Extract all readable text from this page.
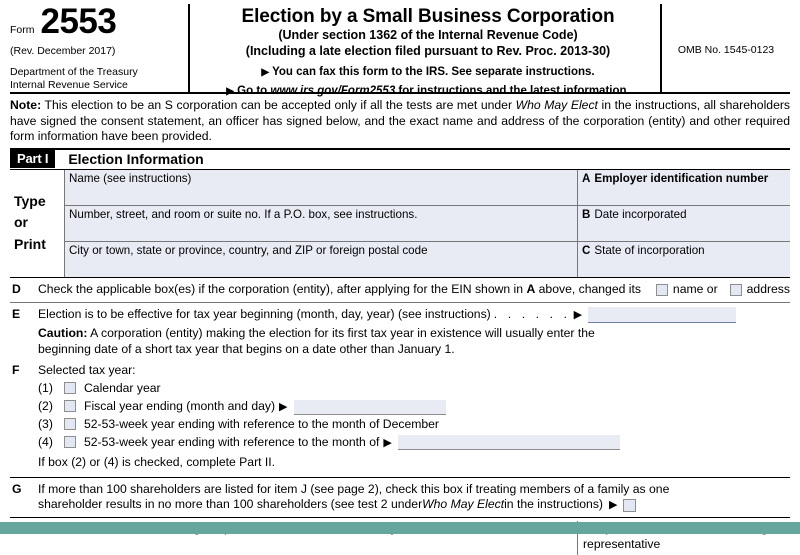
Form 2553
(Rev. December 2017)
Department of the Treasury
Internal Revenue Service
Election by a Small Business Corporation
(Under section 1362 of the Internal Revenue Code)
(Including a late election filed pursuant to Rev. Proc. 2013-30)
▶ You can fax this form to the IRS. See separate instructions.
▶ Go to www.irs.gov/Form2553 for instructions and the latest information.
OMB No. 1545-0123
Note: This election to be an S corporation can be accepted only if all the tests are met under Who May Elect in the instructions, all shareholders have signed the consent statement, an officer has signed below, and the exact name and address of the corporation (entity) and other required form information have been provided.
Part I	Election Information
Type
or
Print
Name (see instructions)	A Employer identification number
Number, street, and room or suite no. If a P.O. box, see instructions.	B Date incorporated
City or town, state or province, country, and ZIP or foreign postal code	C State of incorporation
D	Check the applicable box(es) if the corporation (entity), after applying for the EIN shown in A above, changed its	name or address
E	Election is to be effective for tax year beginning (month, day, year) (see instructions) . . . . . . ▶
Caution: A corporation (entity) making the election for its first tax year in existence will usually enter the
beginning date of a short tax year that begins on a date other than January 1.
F	Selected tax year:
(1)	Calendar year
(2)	Fiscal year ending (month and day) ▶
(3)	52-53-week year ending with reference to the month of December
(4)	52-53-week year ending with reference to the month of ▶
If box (2) or (4) is checked, complete Part II.
G	If more than 100 shareholders are listed for item J (see page 2), check this box if treating members of a family as one
shareholder results in no more than 100 shareholders (see test 2 under Who May Elect in the instructions) ▶
representative
